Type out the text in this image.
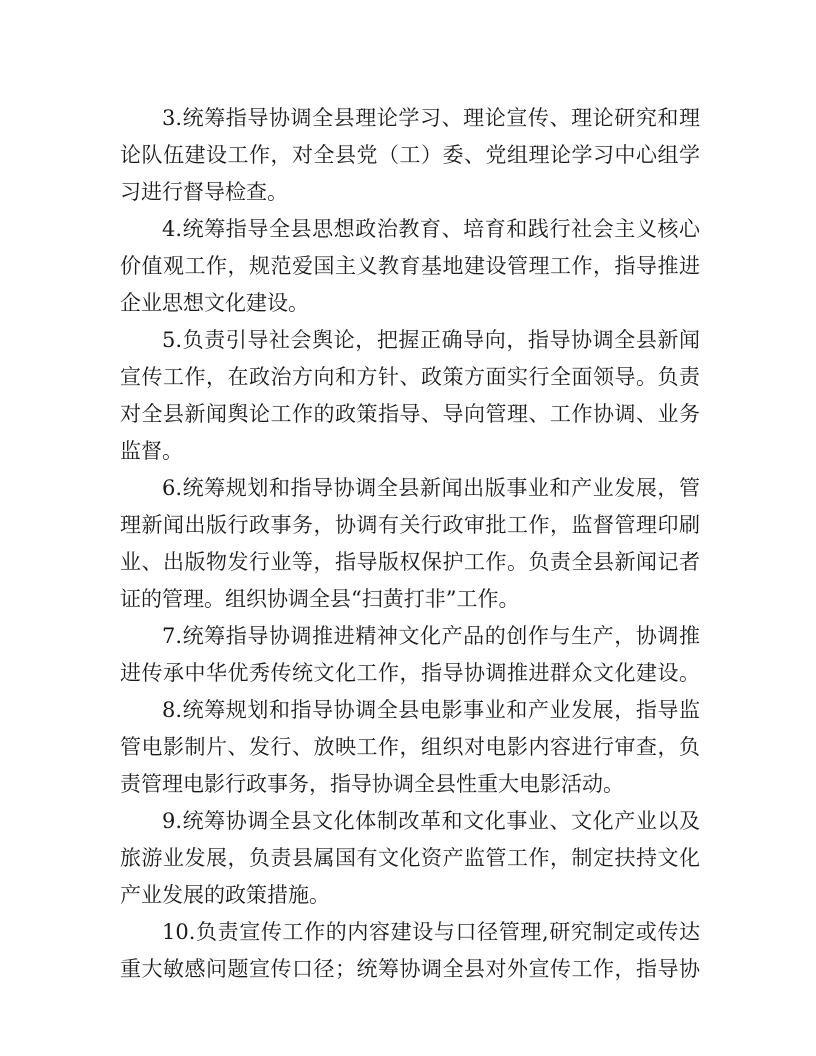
3.统筹指导协调全县理论学习、理论宣传、理论研究和理
论队伍建设工作，对全县党（工）委、党组理论学习中心组学
习进行督导检查。
4.统筹指导全县思想政治教育、培育和践行社会主义核心
价值观工作，规范爱国主义教育基地建设管理工作，指导推进
企业思想文化建设。
5.负责引导社会舆论，把握正确导向，指导协调全县新闻
宣传工作，在政治方向和方针、政策方面实行全面领导。负责
对全县新闻舆论工作的政策指导、导向管理、工作协调、业务
监督。
6.统筹规划和指导协调全县新闻出版事业和产业发展，管
理新闻出版行政事务，协调有关行政审批工作，监督管理印刷
业、出版物发行业等，指导版权保护工作。负责全县新闻记者
证的管理。组织协调全县“扫黄打非”工作。
7.统筹指导协调推进精神文化产品的创作与生产，协调推
进传承中华优秀传统文化工作，指导协调推进群众文化建设。
8.统筹规划和指导协调全县电影事业和产业发展，指导监
管电影制片、发行、放映工作，组织对电影内容进行审查，负
责管理电影行政事务，指导协调全县性重大电影活动。
9.统筹协调全县文化体制改革和文化事业、文化产业以及
旅游业发展，负责县属国有文化资产监管工作，制定扶持文化
产业发展的政策措施。
10.负责宣传工作的内容建设与口径管理,研究制定或传达
重大敏感问题宣传口径；统筹协调全县对外宣传工作，指导协
